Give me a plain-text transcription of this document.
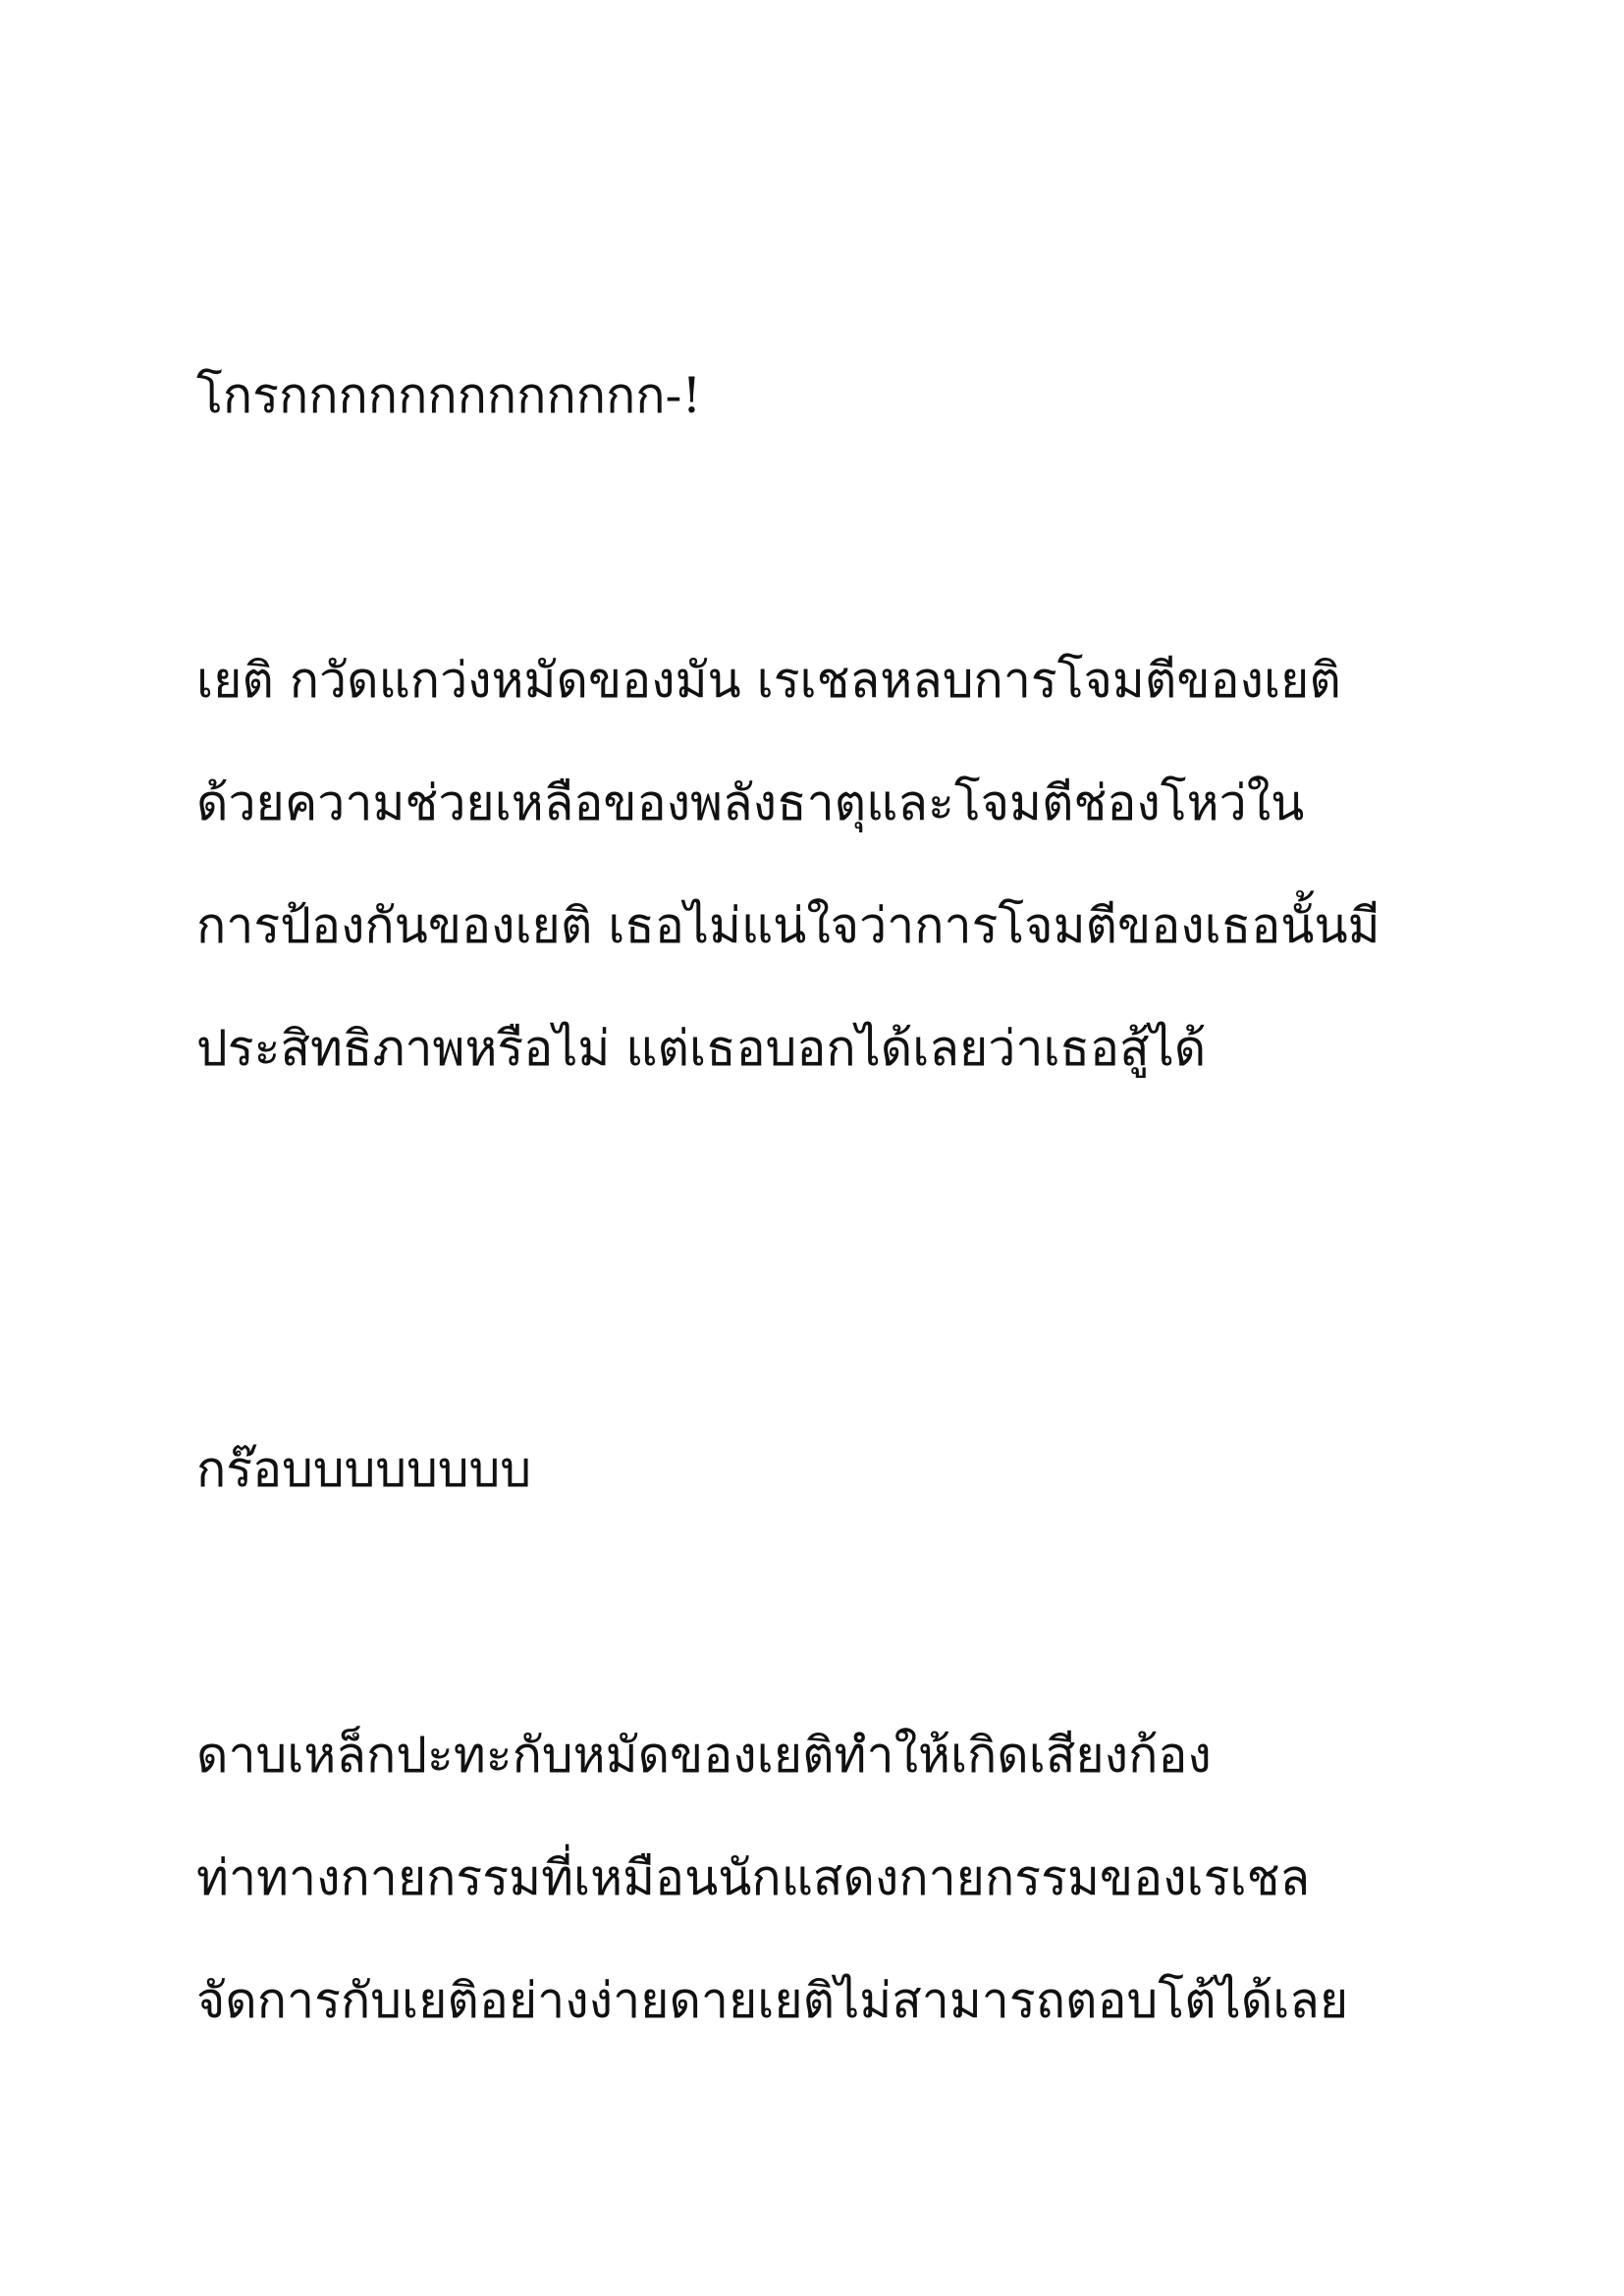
โกรกกกกกกกกกกกกก-!
เยติ กวัดแกว่งหมัดของมัน เรเชลหลบการโจมตีของเยติ
ด้วยความช่วยเหลือของพลังธาตุและโจมตีช่องโหว่ใน
การป้องกันของเยติ เธอไม่แน่ใจว่าการโจมตีของเธอนั้นมี
ประสิทธิภาพหรือไม่ แต่เธอบอกได้เลยว่าเธอสู้ได้
กร๊อบบบบบบบบ
ดาบเหล็กปะทะกับหมัดของเยติทำให้เกิดเสียงก้อง
ท่าทางกายกรรมที่เหมือนนักแสดงกายกรรมของเรเชล
จัดการกับเยติอย่างง่ายดายเยติไม่สามารถตอบโต้ได้เลย
